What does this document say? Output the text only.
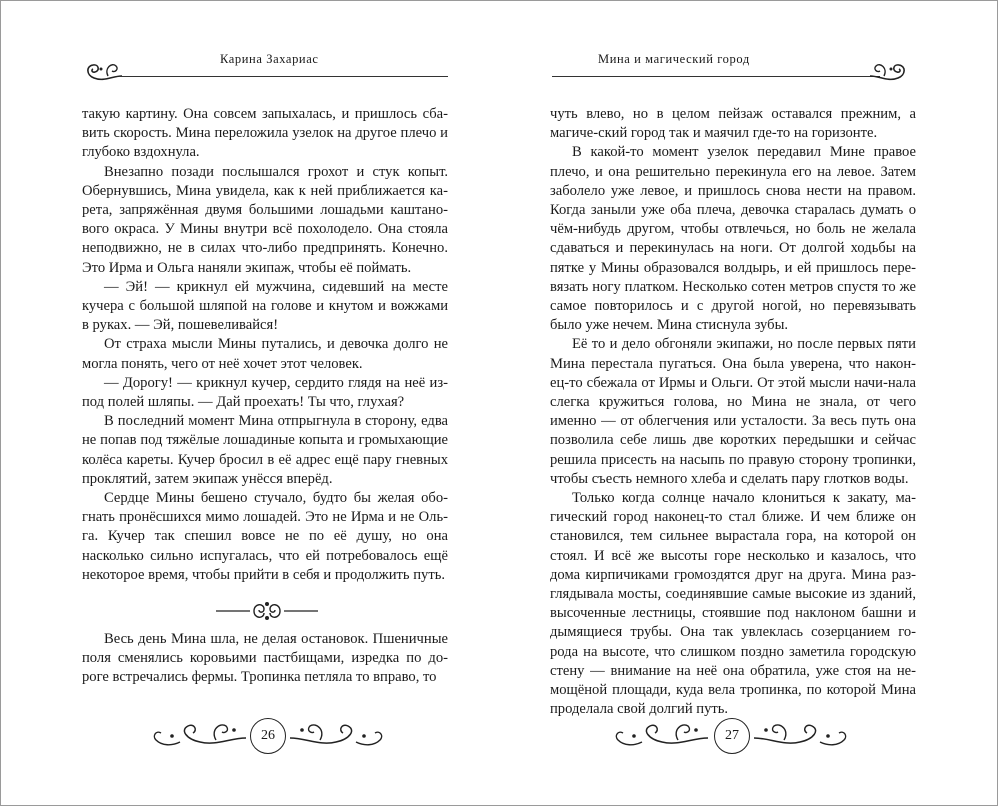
Карина Захариас

такую картину. Она совсем запыхалась, и пришлось сба-вить скорость. Мина переложила узелок на другое плечо и глубоко вздохнула.

Внезапно позади послышался грохот и стук копыт. Обернувшись, Мина увидела, как к ней приближается ка-рета, запряжённая двумя большими лошадьми каштано-вого окраса. У Мины внутри всё похолодело. Она стояла неподвижно, не в силах что-либо предпринять. Конечно. Это Ирма и Ольга наняли экипаж, чтобы её поймать.

— Эй! — крикнул ей мужчина, сидевший на месте кучера с большой шляпой на голове и кнутом и вожжами в руках. — Эй, пошевеливайся!

От страха мысли Мины путались, и девочка долго не могла понять, чего от неё хочет этот человек.

— Дорогу! — крикнул кучер, сердито глядя на неё из-под полей шляпы. — Дай проехать! Ты что, глухая?

В последний момент Мина отпрыгнула в сторону, едва не попав под тяжёлые лошадиные копыта и громыхающие колёса кареты. Кучер бросил в её адрес ещё пару гневных проклятий, затем экипаж унёсся вперёд.

Сердце Мины бешено стучало, будто бы желая обо-гнать пронёсшихся мимо лошадей. Это не Ирма и не Оль-га. Кучер так спешил вовсе не по её душу, но она насколько сильно испугалась, что ей потребовалось ещё некоторое время, чтобы прийти в себя и продолжить путь.

Весь день Мина шла, не делая остановок. Пшеничные поля сменялись коровьими пастбищами, изредка по до-роге встречались фермы. Тропинка петляла то вправо, то

26
Мина и магический город

чуть влево, но в целом пейзаж оставался прежним, а магиче-ский город так и маячил где-то на горизонте.

В какой-то момент узелок передавил Мине правое плечо, и она решительно перекинула его на левое. Затем заболело уже левое, и пришлось снова нести на правом. Когда заныли уже оба плеча, девочка старалась думать о чём-нибудь другом, чтобы отвлечься, но боль не желала сдаваться и перекинулась на ноги. От долгой ходьбы на пятке у Мины образовался волдырь, и ей пришлось пере-вязать ногу платком. Несколько сотен метров спустя то же самое повторилось и с другой ногой, но перевязывать было уже нечем. Мина стиснула зубы.

Её то и дело обгоняли экипажи, но после первых пяти Мина перестала пугаться. Она была уверена, что након-ец-то сбежала от Ирмы и Ольги. От этой мысли начи-нала слегка кружиться голова, но Мина не знала, от чего именно — от облегчения или усталости. За весь путь она позволила себе лишь две коротких передышки и сейчас решила присесть на насыпь по правую сторону тропинки, чтобы съесть немного хлеба и сделать пару глотков воды.

Только когда солнце начало клониться к закату, ма-гический город наконец-то стал ближе. И чем ближе он становился, тем сильнее вырастала гора, на которой он стоял. И всё же высоты горе несколько и казалось, что дома кирпичиками громоздятся друг на друга. Мина раз-глядывала мосты, соединявшие самые высокие из зданий, высоченные лестницы, стоявшие под наклоном башни и дымящиеся трубы. Она так увлеклась созерцанием го-рода на высоте, что слишком поздно заметила городскую стену — внимание на неё она обратила, уже стоя на не-мощёной площади, куда вела тропинка, по которой Мина проделала свой долгий путь.

27
